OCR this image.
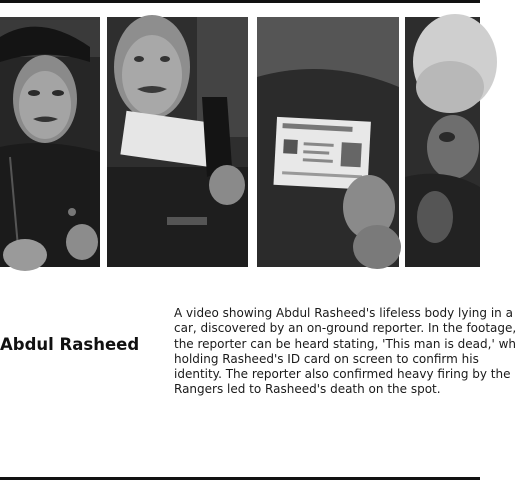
Abdul Rasheed
A video showing Abdul Rasheed's lifeless body lying in a
car, discovered by an on-ground reporter. In the footage,
the reporter can be heard stating, 'This man is dead,' wh
holding Rasheed's ID card on screen to confirm his
identity. The reporter also confirmed heavy firing by the
Rangers led to Rasheed's death on the spot.
